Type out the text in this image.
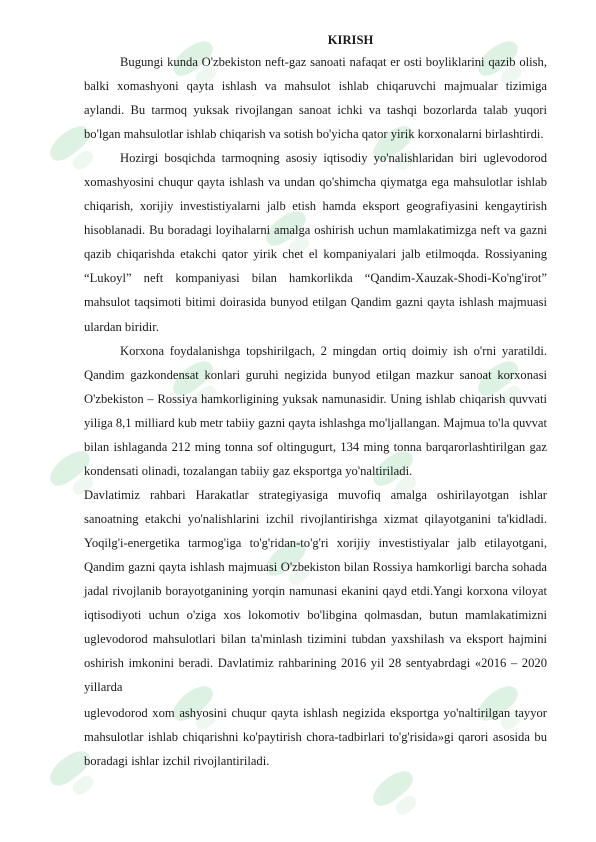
KIRISH

Bugungi kunda O'zbekiston neft-gaz sanoati nafaqat er osti boyliklarini qazib olish, balki xomashyoni qayta ishlash va mahsulot ishlab chiqaruvchi majmualar tizimiga aylandi. Bu tarmoq yuksak rivojlangan sanoat ichki va tashqi bozorlarda talab yuqori bo'lgan mahsulotlar ishlab chiqarish va sotish bo'yicha qator yirik korxonalarni birlashtirdi.

Hozirgi bosqichda tarmoqning asosiy iqtisodiy yo'nalishlaridan biri uglevodorod xomashyosini chuqur qayta ishlash va undan qo'shimcha qiymatga ega mahsulotlar ishlab chiqarish, xorijiy investistiyalarni jalb etish hamda eksport geografiyasini kengaytirish hisoblanadi. Bu boradagi loyihalarni amalga oshirish uchun mamlakatimizga neft va gazni qazib chiqarishda etakchi qator yirik chet el kompaniyalari jalb etilmoqda. Rossiyaning “Lukoyl” neft kompaniyasi bilan hamkorlikda “Qandim-Xauzak-Shodi-Ko'ng'irot” mahsulot taqsimoti bitimi doirasida bunyod etilgan Qandim gazni qayta ishlash majmuasi ulardan biridir.

Korxona foydalanishga topshirilgach, 2 mingdan ortiq doimiy ish o'rni yaratildi. Qandim gazkondensat konlari guruhi negizida bunyod etilgan mazkur sanoat korxonasi O'zbekiston – Rossiya hamkorligining yuksak namunasidir. Uning ishlab chiqarish quvvati yiliga 8,1 milliard kub metr tabiiy gazni qayta ishlashga mo'ljallangan. Majmua to'la quvvat bilan ishlaganda 212 ming tonna sof oltingugurt, 134 ming tonna barqarorlashtirilgan gaz kondensati olinadi, tozalangan tabiiy gaz eksportga yo'naltiriladi.

Davlatimiz rahbari Harakatlar strategiyasiga muvofiq amalga oshirilayotgan ishlar sanoatning etakchi yo'nalishlarini izchil rivojlantirishga xizmat qilayotganini ta'kidladi. Yoqilg'i-energetika tarmog'iga to'g'ridan-to'g'ri xorijiy investistiyalar jalb etilayotgani, Qandim gazni qayta ishlash majmuasi O'zbekiston bilan Rossiya hamkorligi barcha sohada jadal rivojlanib borayotganining yorqin namunasi ekanini qayd etdi.Yangi korxona viloyat iqtisodiyoti uchun o'ziga xos lokomotiv bo'libgina qolmasdan, butun mamlakatimizni uglevodorod mahsulotlari bilan ta'minlash tizimini tubdan yaxshilash va eksport hajmini oshirish imkonini beradi. Davlatimiz rahbarining 2016 yil 28 sentyabrdagi «2016 – 2020 yillarda

uglevodorod xom ashyosini chuqur qayta ishlash negizida eksportga yo'naltirilgan tayyor mahsulotlar ishlab chiqarishni ko'paytirish chora-tadbirlari to'g'risida»gi qarori asosida bu boradagi ishlar izchil rivojlantiriladi.
